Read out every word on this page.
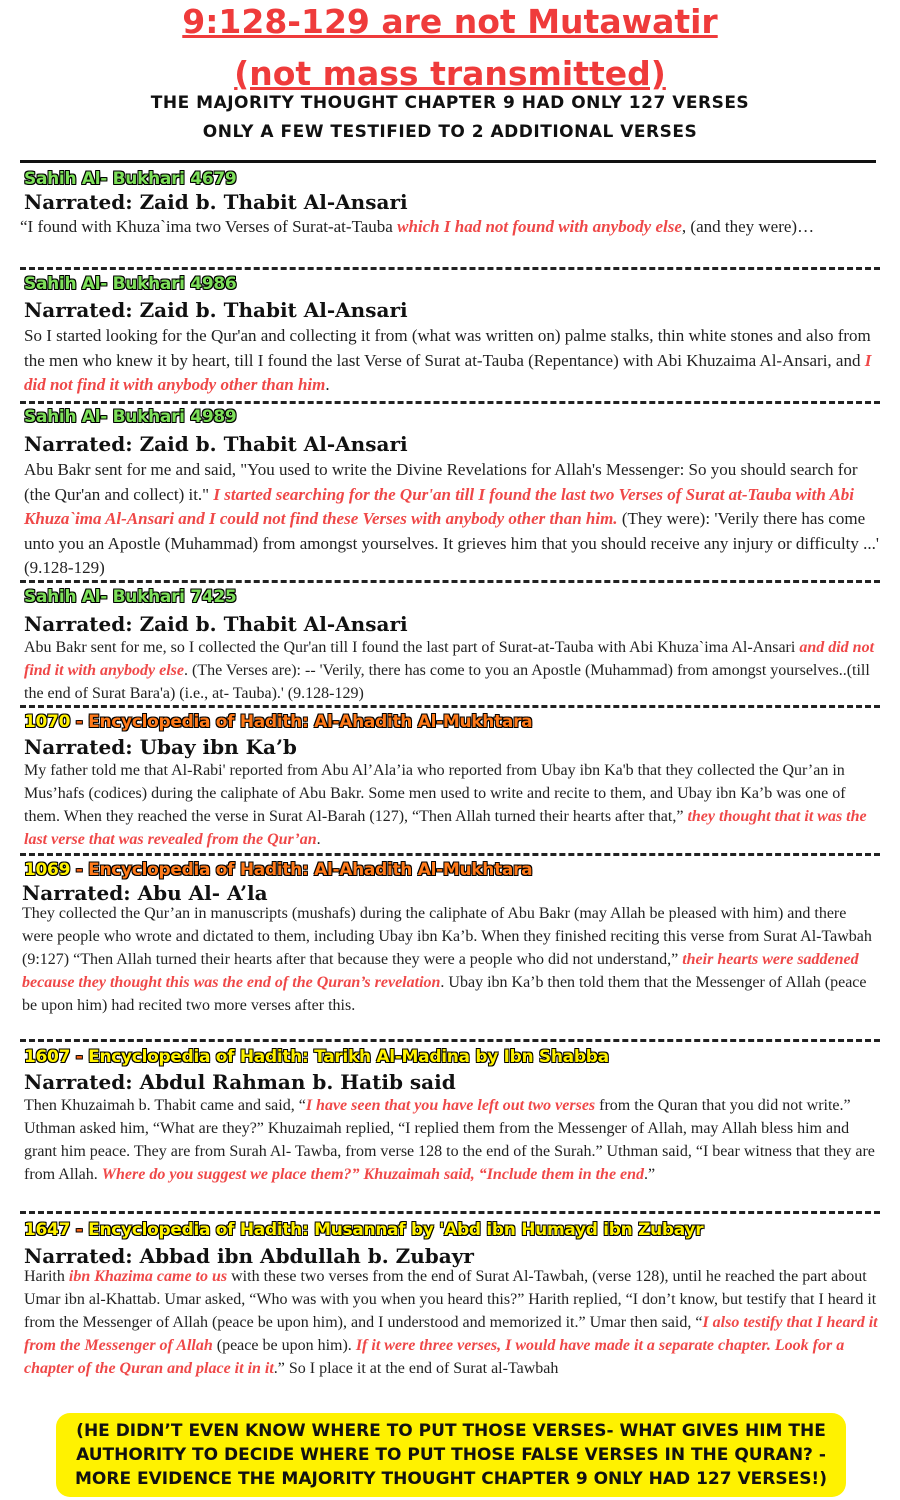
9:128-129 are not Mutawatir
(not mass transmitted)
THE MAJORITY THOUGHT CHAPTER 9 HAD ONLY 127 VERSES
ONLY A FEW TESTIFIED TO 2 ADDITIONAL VERSES
Sahih Al- Bukhari 4679
Narrated: Zaid b. Thabit Al-Ansari
“I found with Khuza`ima two Verses of Surat-at-Tauba which I had not found with anybody else, (and they were)…
Sahih Al- Bukhari 4986
Narrated: Zaid b. Thabit Al-Ansari
So I started looking for the Qur'an and collecting it from (what was written on) palme stalks, thin white stones and also from the men who knew it by heart, till I found the last Verse of Surat at-Tauba (Repentance) with Abi Khuzaima Al-Ansari, and I did not find it with anybody other than him.
Sahih Al- Bukhari 4989
Narrated: Zaid b. Thabit Al-Ansari
Abu Bakr sent for me and said, "You used to write the Divine Revelations for Allah's Messenger: So you should search for (the Qur'an and collect) it." I started searching for the Qur'an till I found the last two Verses of Surat at-Tauba with Abi Khuza`ima Al-Ansari and I could not find these Verses with anybody other than him. (They were): 'Verily there has come unto you an Apostle (Muhammad) from amongst yourselves. It grieves him that you should receive any injury or difficulty ...' (9.128-129)
Sahih Al- Bukhari 7425
Narrated: Zaid b. Thabit Al-Ansari
Abu Bakr sent for me, so I collected the Qur'an till I found the last part of Surat-at-Tauba with Abi Khuza`ima Al-Ansari and did not find it with anybody else. (The Verses are): -- 'Verily, there has come to you an Apostle (Muhammad) from amongst yourselves..(till the end of Surat Bara'a) (i.e., at- Tauba).' (9.128-129)
1070 - Encyclopedia of Hadith: Al-Ahadith Al-Mukhtara
Narrated: Ubay ibn Ka’b
My father told me that Al-Rabi' reported from Abu Al’Ala’ia who reported from Ubay ibn Ka'b that they collected the Qur’an in Mus’hafs (codices) during the caliphate of Abu Bakr. Some men used to write and recite to them, and Ubay ibn Ka’b was one of them. When they reached the verse in Surat Al-Barah (127), “Then Allah turned their hearts after that,” they thought that it was the last verse that was revealed from the Qur’an.
1069 - Encyclopedia of Hadith: Al-Ahadith Al-Mukhtara
Narrated: Abu Al- A’la
They collected the Qur’an in manuscripts (mushafs) during the caliphate of Abu Bakr (may Allah be pleased with him) and there were people who wrote and dictated to them, including Ubay ibn Ka’b. When they finished reciting this verse from Surat Al-Tawbah (9:127) “Then Allah turned their hearts after that because they were a people who did not understand,” their hearts were saddened because they thought this was the end of the Quran’s revelation. Ubay ibn Ka’b then told them that the Messenger of Allah (peace be upon him) had recited two more verses after this.
1607 - Encyclopedia of Hadith: Tarikh Al-Madina by Ibn Shabba
Narrated: Abdul Rahman b. Hatib said
Then Khuzaimah b. Thabit came and said, “I have seen that you have left out two verses from the Quran that you did not write.” Uthman asked him, “What are they?” Khuzaimah replied, “I replied them from the Messenger of Allah, may Allah bless him and grant him peace. They are from Surah Al- Tawba, from verse 128 to the end of the Surah.” Uthman said, “I bear witness that they are from Allah. Where do you suggest we place them?” Khuzaimah said, “Include them in the end.”
1647 - Encyclopedia of Hadith: Musannaf by 'Abd ibn Humayd ibn Zubayr
Narrated: Abbad ibn Abdullah b. Zubayr
Harith ibn Khazima came to us with these two verses from the end of Surat Al-Tawbah, (verse 128), until he reached the part about Umar ibn al-Khattab. Umar asked, “Who was with you when you heard this?” Harith replied, “I don’t know, but testify that I heard it from the Messenger of Allah (peace be upon him), and I understood and memorized it.” Umar then said, “I also testify that I heard it from the Messenger of Allah (peace be upon him). If it were three verses, I would have made it a separate chapter. Look for a chapter of the Quran and place it in it.” So I place it at the end of Surat al-Tawbah
(HE DIDN’T EVEN KNOW WHERE TO PUT THOSE VERSES- WHAT GIVES HIM THE AUTHORITY TO DECIDE WHERE TO PUT THOSE FALSE VERSES IN THE QURAN? - MORE EVIDENCE THE MAJORITY THOUGHT CHAPTER 9 ONLY HAD 127 VERSES!)
